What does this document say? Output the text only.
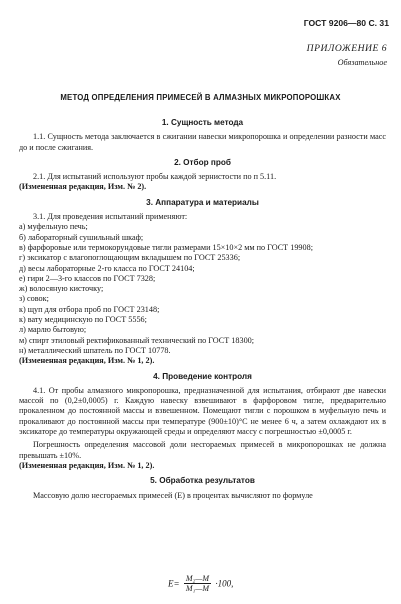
ГОСТ 9206—80 С. 31
ПРИЛОЖЕНИЕ 6
Обязательное
МЕТОД ОПРЕДЕЛЕНИЯ ПРИМЕСЕЙ В АЛМАЗНЫХ МИКРОПОРОШКАХ
1. Сущность метода

1.1. Сущность метода заключается в сжигании навески микропорошка и определении разности масс до и после сжигания.

2. Отбор проб

2.1. Для испытаний используют пробы каждой зернистости по п 5.11.

(Измененная редакция, Изм. № 2).

3. Аппаратура и материалы

3.1. Для проведения испытаний применяют:

а) муфельную печь;

б) лабораторный сушильный шкаф;

в) фарфоровые или термокорундовые тигли размерами 15×10×2 мм по ГОСТ 19908;

г) эксикатор с влагопоглощающим вкладышем по ГОСТ 25336;

д) весы лабораторные 2-го класса по ГОСТ 24104;

е) гири 2—3-го классов по ГОСТ 7328;

ж) волосяную кисточку;

з) совок;

к) щуп для отбора проб по ГОСТ 23148;

к) вату медицинскую по ГОСТ 5556;

л) марлю бытовую;

м) спирт этиловый ректификованный технический по ГОСТ 18300;

н) металлический шпатель по ГОСТ 10778.

(Измененная редакция, Изм. № 1, 2).

4. Проведение контроля

4.1. От пробы алмазного микропорошка, предназначенной для испытания, отбирают две навески массой по (0,2±0,0005) г. Каждую навеску взвешивают в фарфоровом тигле, предварительно прокаленном до постоянной массы и взвешенном. Помещают тигли с порошком в муфельную печь и прокаливают до постоянной массы при температуре (900±10)°С не менее 6 ч, а затем охлаждают их в эксикаторе до температуры окружающей среды и определяют массу с погрешностью ±0,0005 г.

Погрешность определения массовой доли несгораемых примесей в микропорошках не должна превышать ±10%.

(Измененная редакция, Изм. № 1, 2).

5. Обработка результатов

Массовую долю несгораемых примесей (Е) в процентах вычисляют по формуле

$E= \frac{\text{M₂—M}}{\text{M₁—M}} \cdot 100$,
